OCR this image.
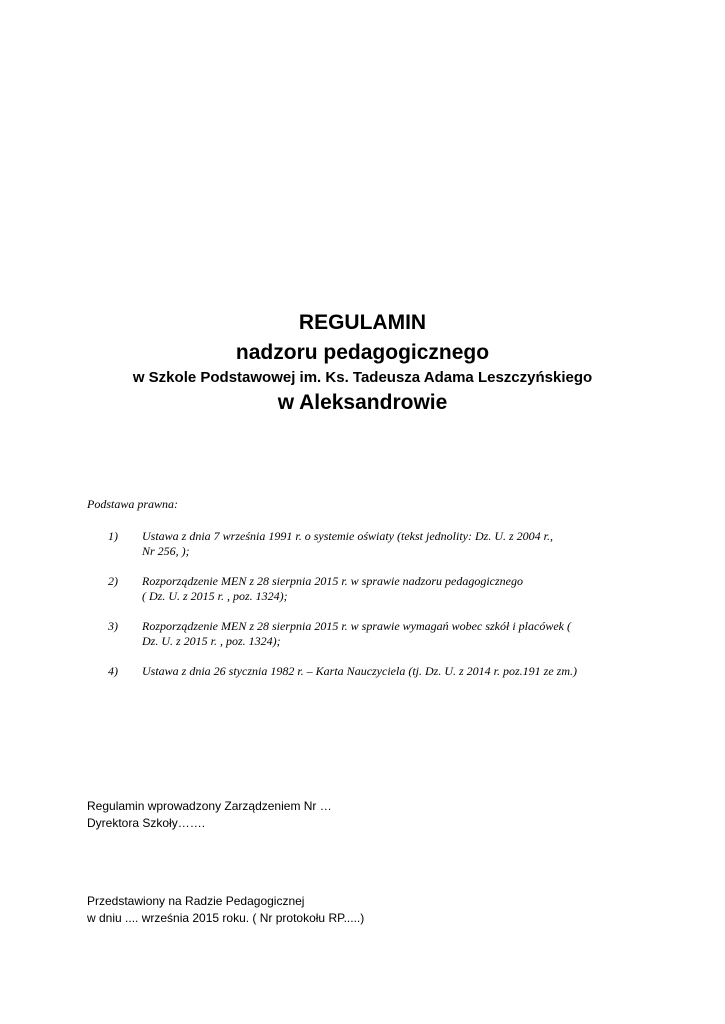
REGULAMIN
nadzoru pedagogicznego
w Szkole Podstawowej im. Ks. Tadeusza Adama Leszczyńskiego
w Aleksandrowie

Podstawa prawna:

1) Ustawa z dnia 7 września 1991 r. o systemie oświaty (tekst jednolity: Dz. U. z 2004 r.,
Nr 256, );
2) Rozporządzenie MEN z 28 sierpnia 2015 r. w sprawie nadzoru pedagogicznego
( Dz. U. z 2015 r. , poz. 1324);
3) Rozporządzenie MEN z 28 sierpnia 2015 r. w sprawie wymagań wobec szkół i placówek (
Dz. U. z 2015 r. , poz. 1324);
4) Ustawa z dnia 26 stycznia 1982 r. – Karta Nauczyciela (tj. Dz. U. z 2014 r. poz.191 ze zm.)
Regulamin wprowadzony Zarządzeniem Nr …
Dyrektora Szkoły…….
Przedstawiony na Radzie Pedagogicznej
w dniu .... września 2015 roku. ( Nr protokołu RP.....)
